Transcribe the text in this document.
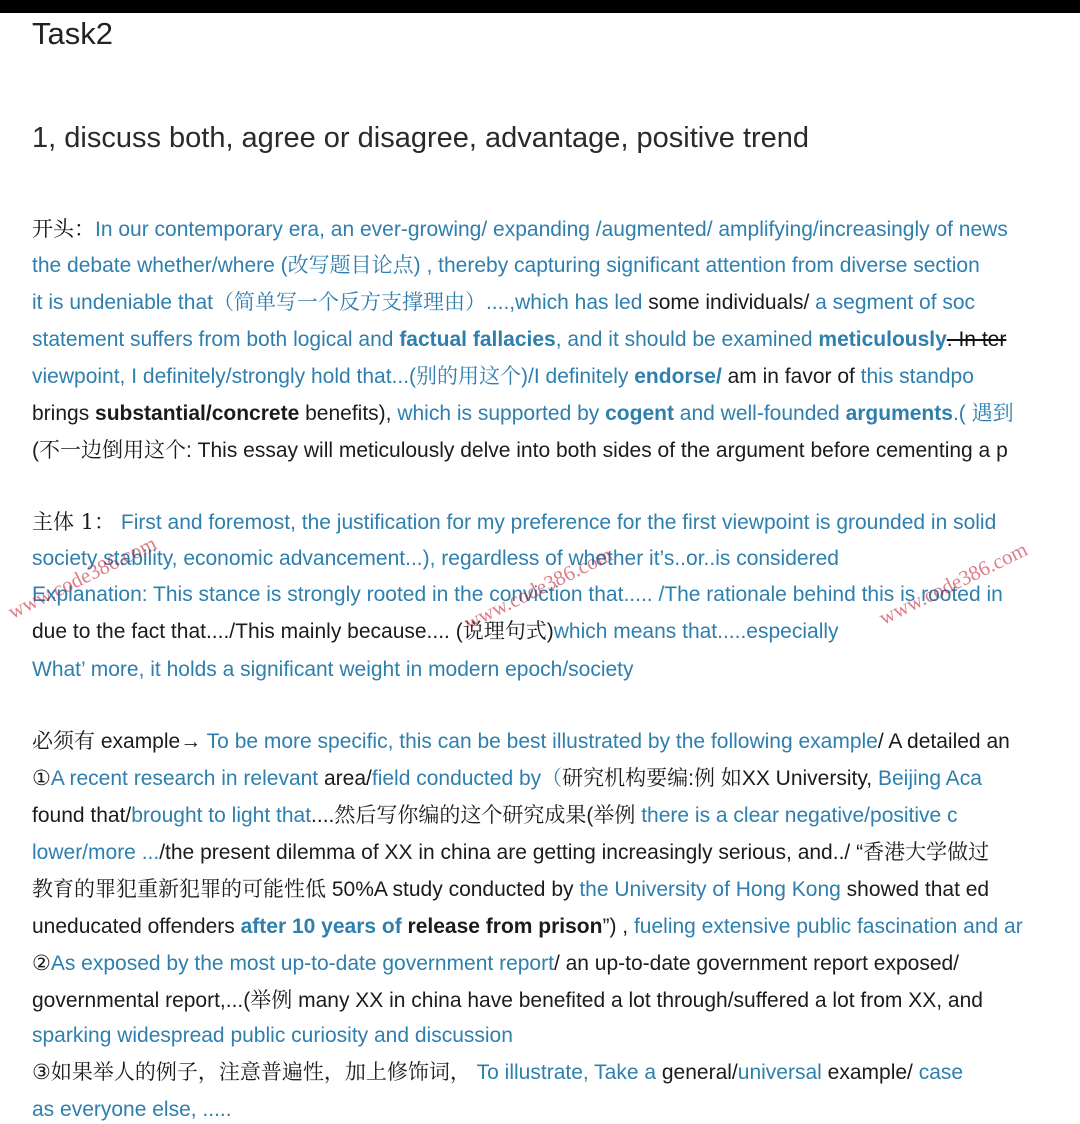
Task2
1, discuss both, agree or disagree, advantage, positive trend
开头：In our contemporary era, an ever-growing/ expanding /augmented/ amplifying/increasingly of news
the debate whether/where (改写题目论点) , thereby capturing significant attention from diverse section
it is undeniable that（简单写一个反方支撑理由）....,which has led some individuals/ a segment of soc
statement suffers from both logical and factual fallacies, and it should be examined meticulously. In ter
viewpoint, I definitely/strongly hold that...(别的用这个)/I definitely endorse/ am in favor of this standpo
brings substantial/concrete benefits), which is supported by cogent and well-founded arguments.( 遇到
(不一边倒用这个: This essay will meticulously delve into both sides of the argument before cementing a p
主体 1： First and foremost, the justification for my preference for the first viewpoint is grounded in solid
society stability, economic advancement...), regardless of whether it’s..or..is considered
Explanation: This stance is strongly rooted in the conviction that..... /The rationale behind this is rooted in
due to the fact that..../This mainly because.... (说理句式)which means that.....especially
What’ more, it holds a significant weight in modern epoch/society
必须有 example→ To be more specific, this can be best illustrated by the following example/ A detailed an
①A recent research in relevant area/field conducted by（研究机构要编:例 如XX University, Beijing Aca
found that/brought to light that....然后写你编的这个研究成果(举例 there is a clear negative/positive c
lower/more .../the present dilemma of XX in china are getting increasingly serious, and../ “香港大学做过
教育的罪犯重新犯罪的可能性低 50%A study conducted by the University of Hong Kong showed that ed
uneducated offenders after 10 years of release from prison”) , fueling extensive public fascination and ar
②As exposed by the most up-to-date government report/ an up-to-date government report exposed/
governmental report,...(举例 many XX in china have benefited a lot through/suffered a lot from XX, and
sparking widespread public curiosity and discussion
③如果举人的例子，注意普遍性，加上修饰词， To illustrate, Take a general/universal example/ case
as everyone else, .....
www.code386.com	www.code386.com	www.code386.com
